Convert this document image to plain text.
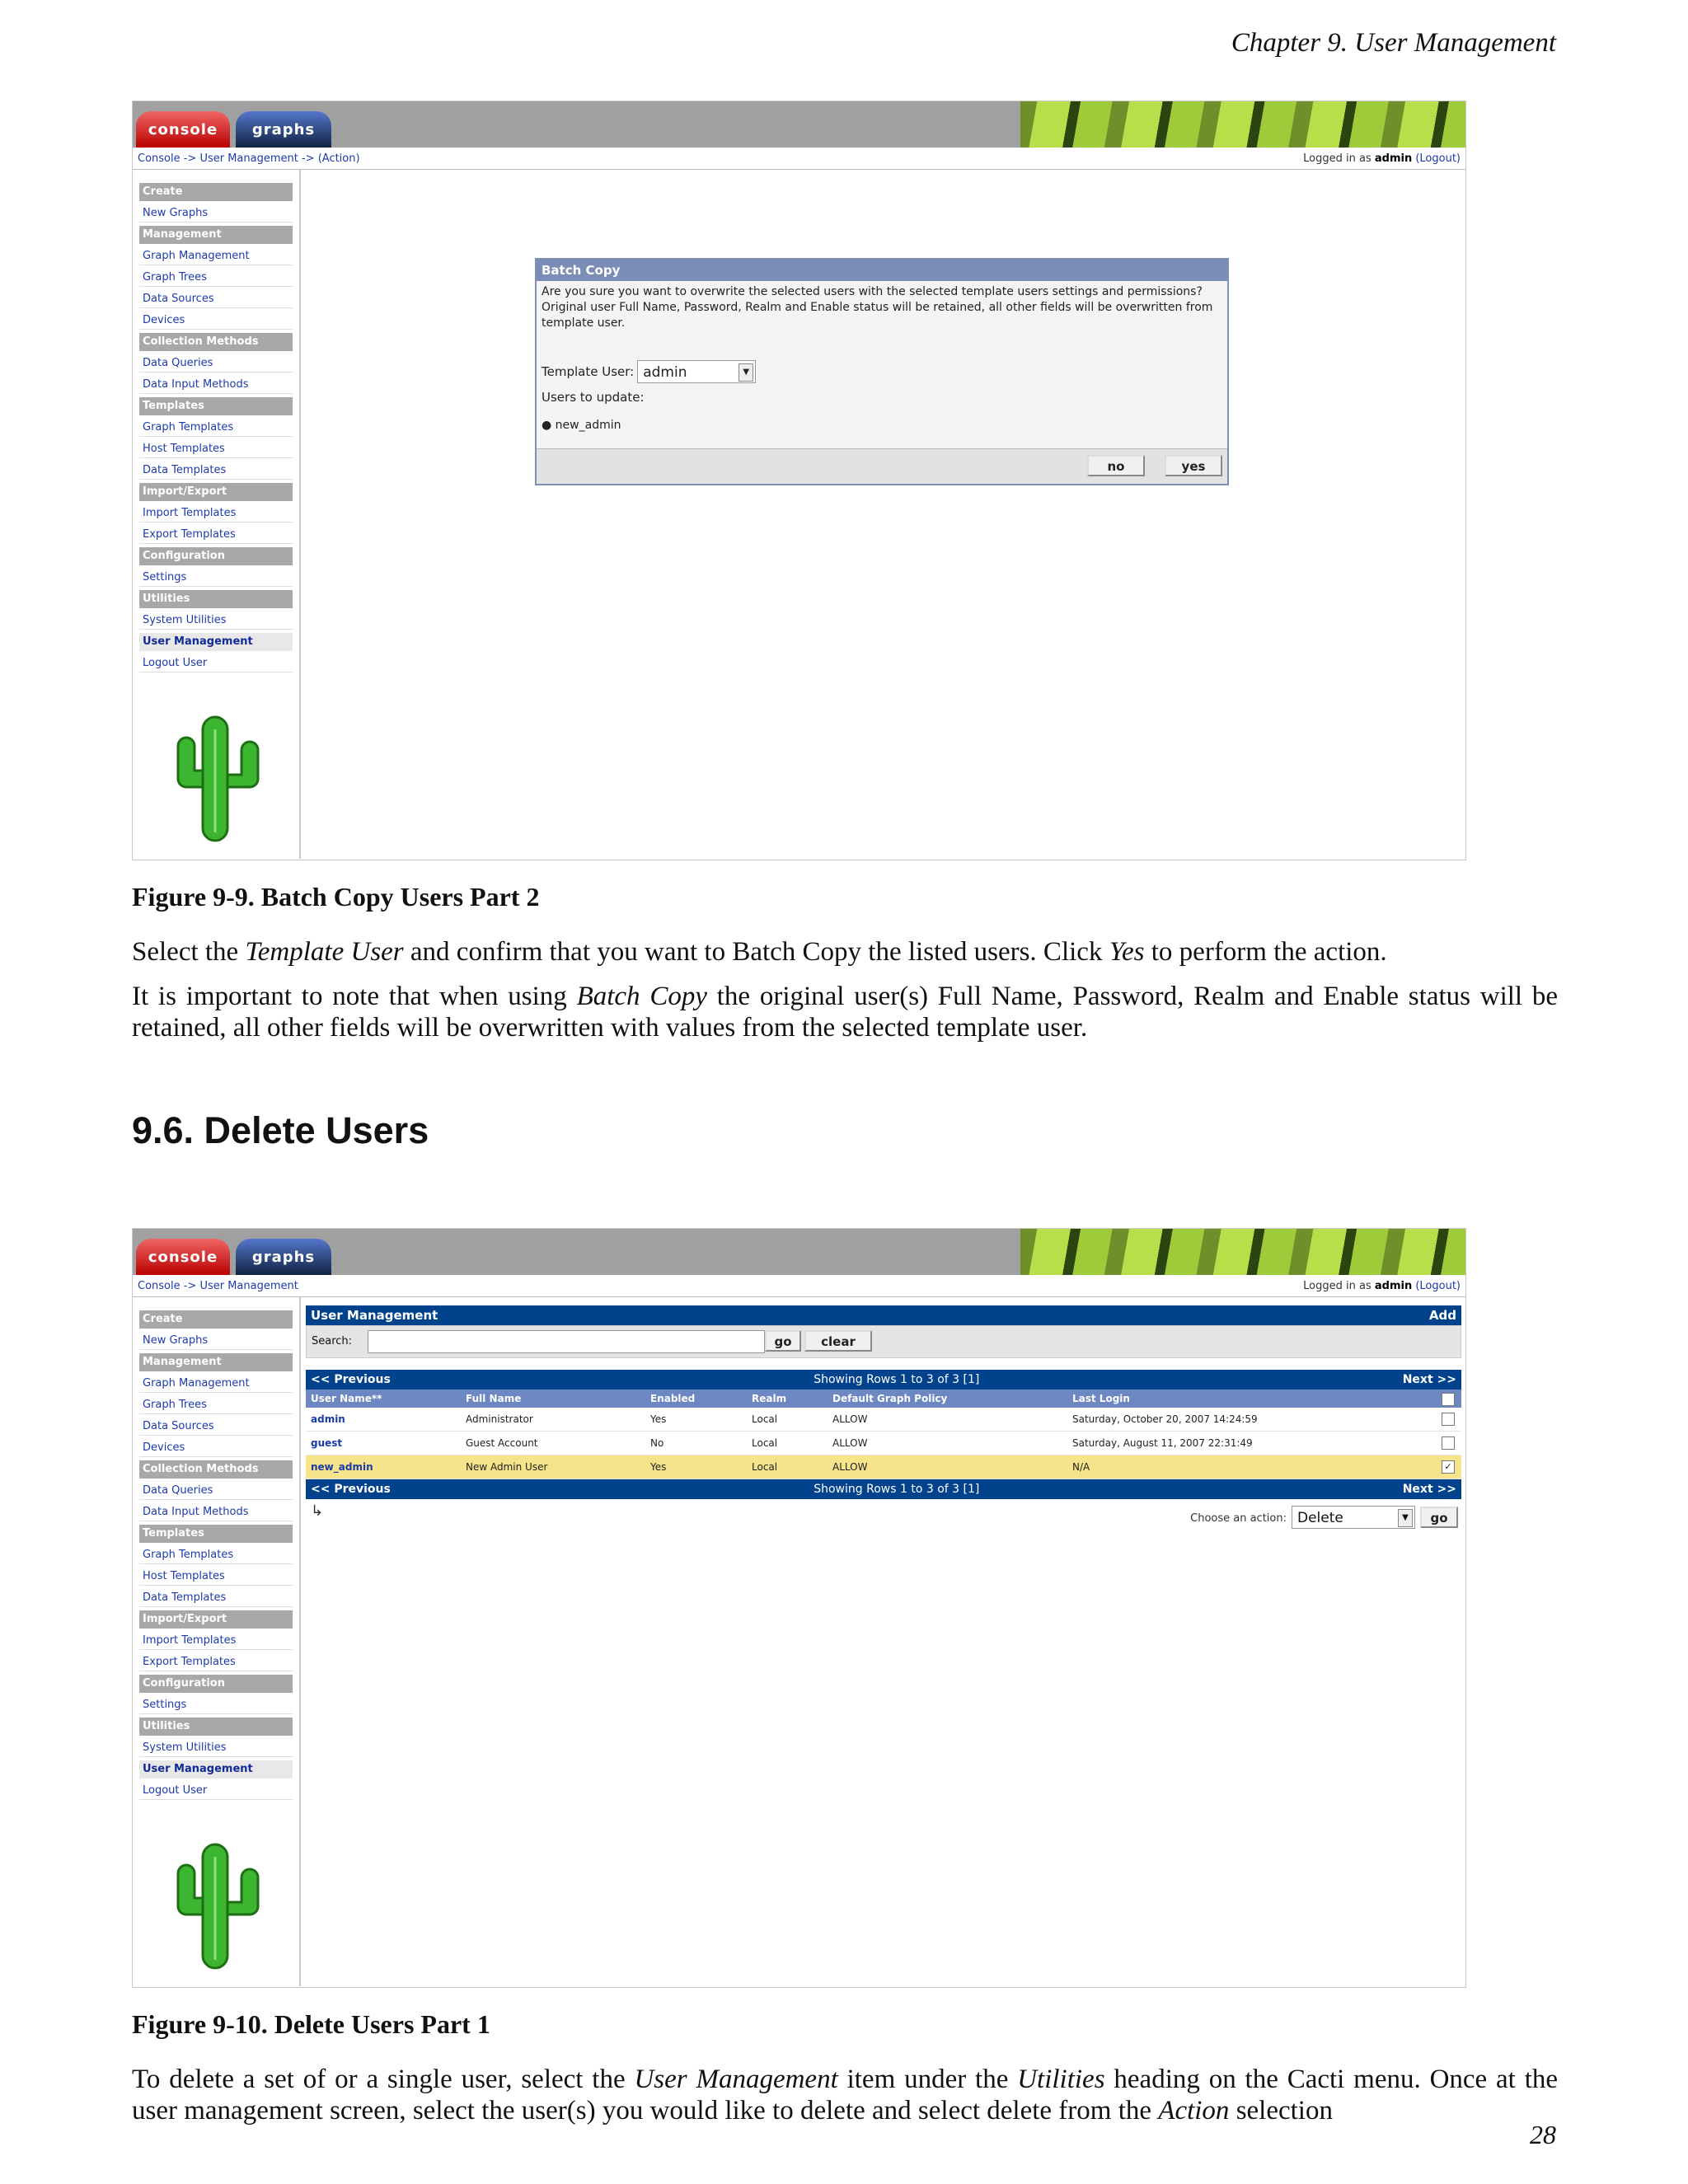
Chapter 9. User Management
console	graphs
Console -> User Management -> (Action)	Logged in as admin (Logout)
Create
New Graphs
Management
Graph Management
Graph Trees
Data Sources
Devices
Collection Methods
Data Queries
Data Input Methods
Templates
Graph Templates
Host Templates
Data Templates
Import/Export
Import Templates
Export Templates
Configuration
Settings
Utilities
System Utilities
User Management
Logout User
Batch Copy
Are you sure you want to overwrite the selected users with the selected template users settings and permissions? Original user Full Name, Password, Realm and Enable status will be retained, all other fields will be overwritten from template user.
Template User: admin	▼
Users to update:
● new_admin
no	yes
Figure 9-9. Batch Copy Users Part 2
Select the Template User and confirm that you want to Batch Copy the listed users. Click Yes to perform the action.
It is important to note that when using Batch Copy the original user(s) Full Name, Password, Realm and Enable status will be retained, all other fields will be overwritten with values from the selected template user.
9.6. Delete Users
console	graphs
Console -> User Management	Logged in as admin (Logout)
Create
New Graphs
Management
Graph Management
Graph Trees
Data Sources
Devices
Collection Methods
Data Queries
Data Input Methods
Templates
Graph Templates
Host Templates
Data Templates
Import/Export
Import Templates
Export Templates
Configuration
Settings
Utilities
System Utilities
User Management
Logout User
User Management	Add
Search:	go	clear
<< Previous	Showing Rows 1 to 3 of 3 [1]	Next >>
User Name**	Full Name	Enabled	Realm	Default Graph Policy	Last Login
admin	Administrator	Yes	Local	ALLOW	Saturday, October 20, 2007 14:24:59
guest	Guest Account	No	Local	ALLOW	Saturday, August 11, 2007 22:31:49
new_admin	New Admin User	Yes	Local	ALLOW	N/A	✓
<< Previous	Showing Rows 1 to 3 of 3 [1]	Next >>
↳	Choose an action: Delete	▼	go
Figure 9-10. Delete Users Part 1
To delete a set of or a single user, select the User Management item under the Utilities heading on the Cacti menu. Once at the user management screen, select the user(s) you would like to delete and select delete from the Action selection
28
